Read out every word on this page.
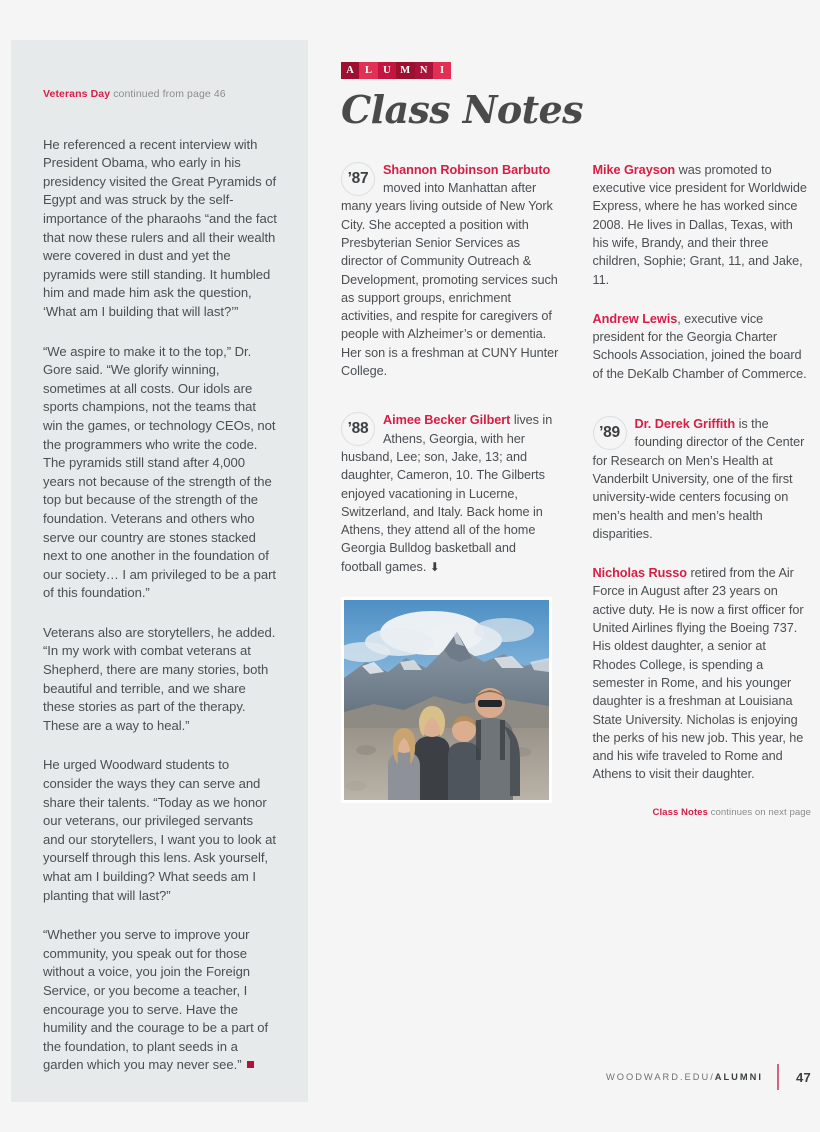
Veterans Day continued from page 46

He referenced a recent interview with President Obama, who early in his presidency visited the Great Pyramids of Egypt and was struck by the self-importance of the pharaohs “and the fact that now these rulers and all their wealth were covered in dust and yet the pyramids were still standing. It humbled him and made him ask the question, ‘What am I building that will last?’”

“We aspire to make it to the top,” Dr. Gore said. “We glorify winning, sometimes at all costs. Our idols are sports champions, not the teams that win the games, or technology CEOs, not the programmers who write the code. The pyramids still stand after 4,000 years not because of the strength of the top but because of the strength of the foundation. Veterans and others who serve our country are stones stacked next to one another in the foundation of our society… I am privileged to be a part of this foundation.”

Veterans also are storytellers, he added. “In my work with combat veterans at Shepherd, there are many stories, both beautiful and terrible, and we share these stories as part of the therapy. These are a way to heal.”

He urged Woodward students to consider the ways they can serve and share their talents. “Today as we honor our veterans, our privileged servants and our storytellers, I want you to look at yourself through this lens. Ask yourself, what am I building? What seeds am I planting that will last?”

“Whether you serve to improve your community, you speak out for those without a voice, you join the Foreign Service, or you become a teacher, I encourage you to serve. Have the humility and the courage to be a part of the foundation, to plant seeds in a garden which you may never see.”

A	L	U M N	I
Class Notes
’87	Shannon Robinson Barbuto moved into Manhattan after many years living outside of New York City. She accepted a position with Presbyterian Senior Services as director of Community Outreach & Development, promoting services such as support groups, enrichment activities, and respite for caregivers of people with Alzheimer’s or dementia. Her son is a freshman at CUNY Hunter College.

’88	Aimee Becker Gilbert lives in Athens, Georgia, with her husband, Lee; son, Jake, 13; and daughter, Cameron, 10. The Gilberts enjoyed vacationing in Lucerne, Switzerland, and Italy. Back home in Athens, they attend all of the home Georgia Bulldog basketball and football games. ⬇

Mike Grayson was promoted to executive vice president for Worldwide Express, where he has worked since 2008. He lives in Dallas, Texas, with his wife, Brandy, and their three children, Sophie; Grant, 11, and Jake, 11.

Andrew Lewis, executive vice president for the Georgia Charter Schools Association, joined the board of the DeKalb Chamber of Commerce.

’89	Dr. Derek Griffith is the founding director of the Center for Research on Men’s Health at Vanderbilt University, one of the first university-wide centers focusing on men’s health and men’s health disparities.

Nicholas Russo retired from the Air Force in August after 23 years on active duty. He is now a first officer for United Airlines flying the Boeing 737. His oldest daughter, a senior at Rhodes College, is spending a semester in Rome, and his younger daughter is a freshman at Louisiana State University. Nicholas is enjoying the perks of his new job. This year, he and his wife traveled to Rome and Athens to visit their daughter.

Class Notes continues on next page

WOODWARD.EDU/ALUMNI	47
